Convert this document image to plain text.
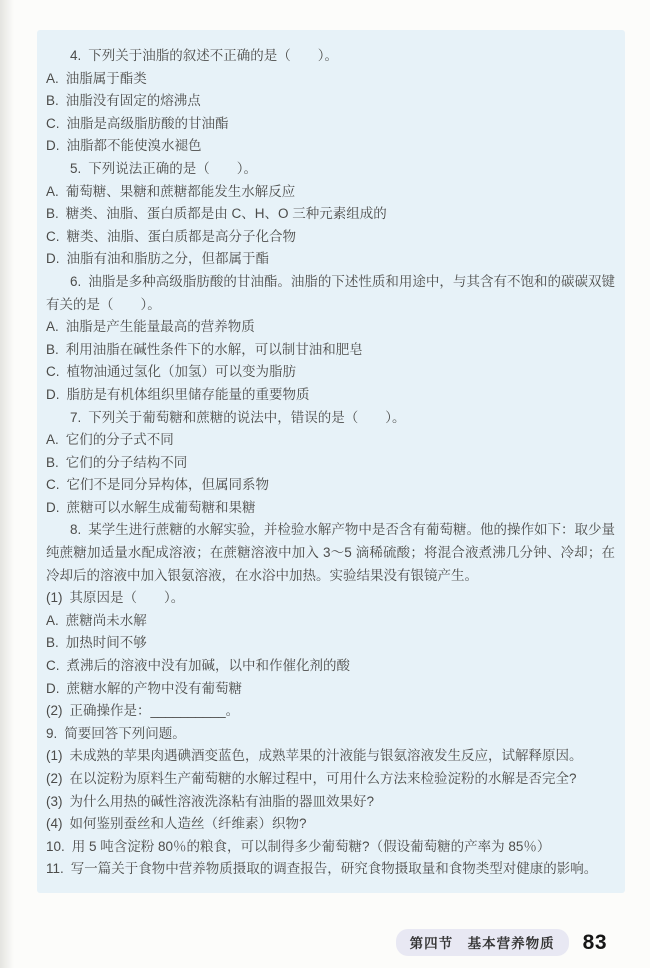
4. 下列关于油脂的叙述不正确的是（　　）。

A. 油脂属于酯类

B. 油脂没有固定的熔沸点

C. 油脂是高级脂肪酸的甘油酯

D. 油脂都不能使溴水褪色

5. 下列说法正确的是（　　）。

A. 葡萄糖、果糖和蔗糖都能发生水解反应

B. 糖类、油脂、蛋白质都是由 C、H、O 三种元素组成的

C. 糖类、油脂、蛋白质都是高分子化合物

D. 油脂有油和脂肪之分，但都属于酯

6. 油脂是多种高级脂肪酸的甘油酯。油脂的下述性质和用途中，与其含有不饱和的碳碳双键有关的是（　　）。

A. 油脂是产生能量最高的营养物质

B. 利用油脂在碱性条件下的水解，可以制甘油和肥皂

C. 植物油通过氢化（加氢）可以变为脂肪

D. 脂肪是有机体组织里储存能量的重要物质

7. 下列关于葡萄糖和蔗糖的说法中，错误的是（　　）。

A. 它们的分子式不同

B. 它们的分子结构不同

C. 它们不是同分异构体，但属同系物

D. 蔗糖可以水解生成葡萄糖和果糖

8. 某学生进行蔗糖的水解实验，并检验水解产物中是否含有葡萄糖。他的操作如下：取少量纯蔗糖加适量水配成溶液；在蔗糖溶液中加入 3～5 滴稀硫酸；将混合液煮沸几分钟、冷却；在冷却后的溶液中加入银氨溶液，在水浴中加热。实验结果没有银镜产生。

(1) 其原因是（　　）。

A. 蔗糖尚未水解

B. 加热时间不够

C. 煮沸后的溶液中没有加碱，以中和作催化剂的酸

D. 蔗糖水解的产物中没有葡萄糖

(2) 正确操作是：__________。

9. 简要回答下列问题。

(1) 未成熟的苹果肉遇碘酒变蓝色，成熟苹果的汁液能与银氨溶液发生反应，试解释原因。

(2) 在以淀粉为原料生产葡萄糖的水解过程中，可用什么方法来检验淀粉的水解是否完全?

(3) 为什么用热的碱性溶液洗涤粘有油脂的器皿效果好?

(4) 如何鉴别蚕丝和人造丝（纤维素）织物?

10. 用 5 吨含淀粉 80％的粮食，可以制得多少葡萄糖?（假设葡萄糖的产率为 85％）

11. 写一篇关于食物中营养物质摄取的调查报告，研究食物摄取量和食物类型对健康的影响。

第四节　基本营养物质	83
